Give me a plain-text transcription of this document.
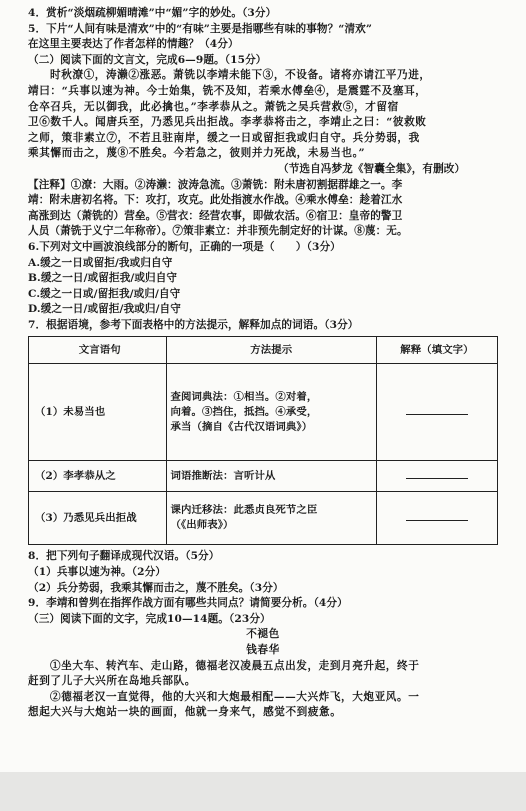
4．赏析“淡烟疏柳媚晴滩”中“媚”字的妙处。（3分）
5．下片“人间有味是清欢”中的“有味”主要是指哪些有味的事物？“清欢”
在这里主要表达了作者怎样的情趣？（4分）
（二）阅读下面的文言文，完成6—9题。（15分）
时秋潦①，涛濑②涨恶。萧铣以李靖未能下③，不设备。诸将亦请江平乃进，
靖曰：“兵事以速为神。今士始集，铣不及知，若乘水傅垒④，是震霆不及塞耳，
仓卒召兵，无以御我，此必擒也。”李孝恭从之。萧铣之吴兵营救⑤，才留宿
卫⑥数千人。闻唐兵至，乃悉见兵出拒战。李孝恭将击之，李靖止之曰：“彼救败
之师，策非素立⑦，不若且驻南岸，缓之一日或留拒我或归自守。兵分势弱，我
乘其懈而击之，蔑⑧不胜矣。今若急之，彼则并力死战，未易当也。”
（节选自冯梦龙《智囊全集》，有删改）
【注释】①潦：大雨。②涛濑：波涛急流。③萧铣：附未唐初割据群雄之一。李
靖：附未唐初名将。下：攻打，攻克。此处指渡水作战。④乘水傅垒：趁着江水
高涨到达（萧铣的）营垒。⑤营衣：经营农事，即做农活。⑥宿卫：皇帝的警卫
人员（萧铣于义宁二年称帝）。⑦策非素立：并非预先制定好的计谋。⑧蔑：无。
6.下列对文中画波浪线部分的断句，正确的一项是（　　）（3分）
A.缓之一日或留拒/我或归自守
B.缓之一日/或留拒我/或归自守
C.缓之一日或/留拒我/或归/自守
D.缓之一日/或留拒/我或归/自守
7．根据语境，参考下面表格中的方法提示，解释加点的词语。（3分）
文言语句	方法提示	解释（填文字）
（1）未易当也	查阅词典法：①相当。②对着，
向着。③挡住，抵挡。④承受，
承当（摘自《古代汉语词典》）	

（2）李孝恭从之	词语推断法：言听计从	

（3）乃悉见兵出拒战	课内迁移法：此悉贞良死节之臣
（《出师表》）	

8．把下列句子翻译成现代汉语。（5分）
（1）兵事以速为神。（2分）
（2）兵分势弱，我乘其懈而击之，蔑不胜矣。（3分）
9．李靖和曾刿在指挥作战方面有哪些共同点？请简要分析。（4分）
（三）阅读下面的文字，完成10—14题。（23分）
不褪色
钱春华
①坐大车、转汽车、走山路，德福老汉凌晨五点出发，走到月亮升起，终于
赶到了儿子大兴所在岛地兵部队。
②德福老汉一直觉得，他的大兴和大炮最相配——大兴炸飞，大炮亚风。一
想起大兴与大炮站一块的画面，他就一身来气，感觉不到疲惫。
